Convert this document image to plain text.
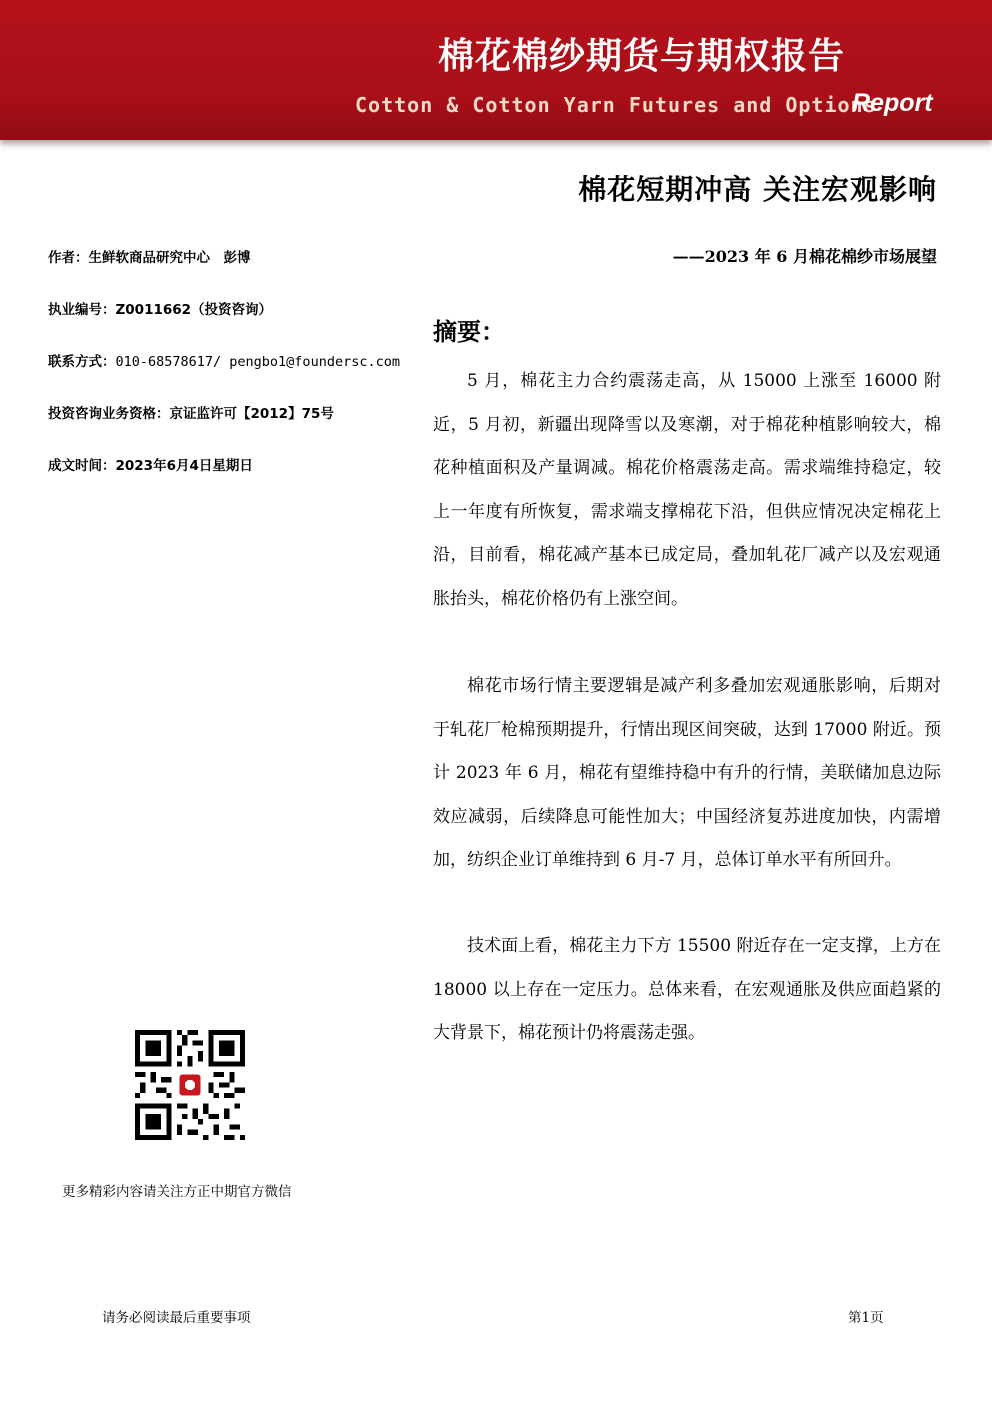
棉花棉纱期货与期权报告
Cotton & Cotton Yarn Futures and Options
Report
棉花短期冲高 关注宏观影响
——2023 年 6 月棉花棉纱市场展望
作者：生鲜软商品研究中心　彭博
执业编号：Z0011662（投资咨询）
联系方式：010-68578617/ pengbo1@foundersc.com
投资咨询业务资格：京证监许可【2012】75号
成文时间：2023年6月4日星期日
摘要：
5 月，棉花主力合约震荡走高，从 15000 上涨至 16000 附近，5 月初，新疆出现降雪以及寒潮，对于棉花种植影响较大，棉花种植面积及产量调减。棉花价格震荡走高。需求端维持稳定，较上一年度有所恢复，需求端支撑棉花下沿，但供应情况决定棉花上沿，目前看，棉花减产基本已成定局，叠加轧花厂减产以及宏观通胀抬头，棉花价格仍有上涨空间。
棉花市场行情主要逻辑是减产利多叠加宏观通胀影响，后期对于轧花厂枪棉预期提升，行情出现区间突破，达到 17000 附近。预计 2023 年 6 月，棉花有望维持稳中有升的行情，美联储加息边际效应减弱，后续降息可能性加大；中国经济复苏进度加快，内需增加，纺织企业订单维持到 6 月-7 月，总体订单水平有所回升。
技术面上看，棉花主力下方 15500 附近存在一定支撑，上方在 18000 以上存在一定压力。总体来看，在宏观通胀及供应面趋紧的大背景下，棉花预计仍将震荡走强。
更多精彩内容请关注方正中期官方微信
请务必阅读最后重要事项	第1页
